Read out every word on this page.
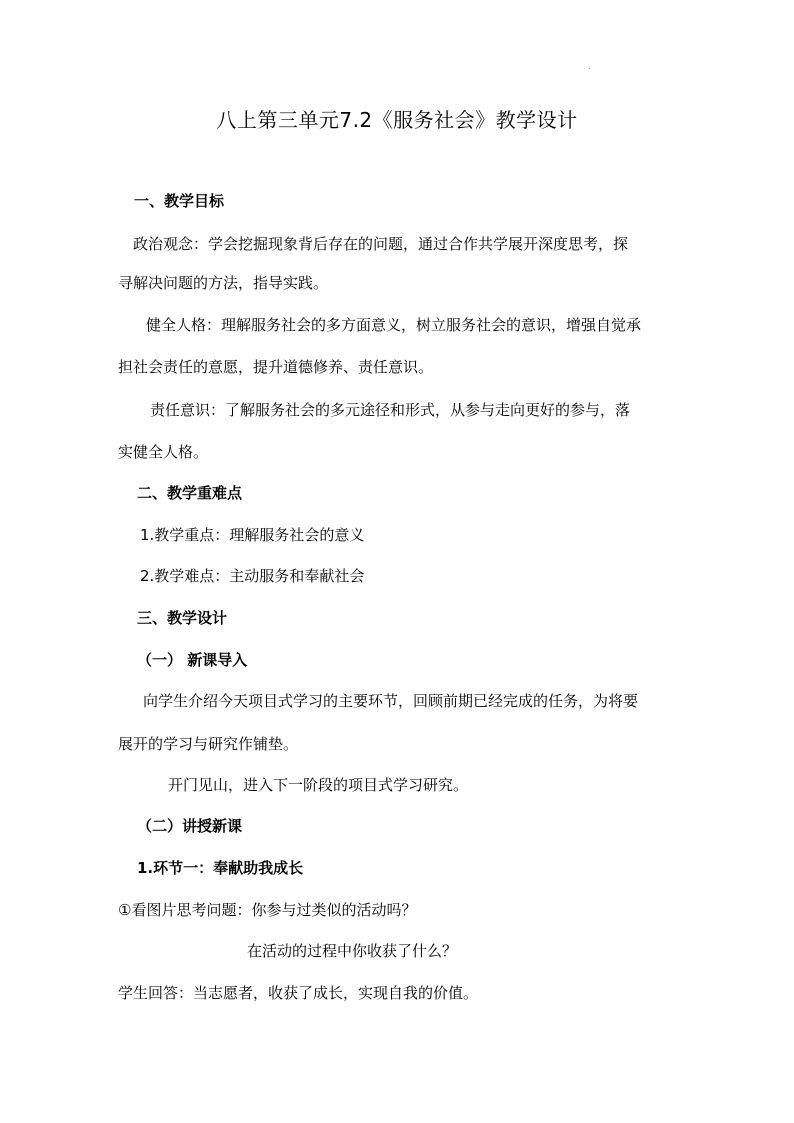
.
八上第三单元7.2《服务社会》教学设计
一、教学目标
政治观念：学会挖掘现象背后存在的问题，通过合作共学展开深度思考，探
寻解决问题的方法，指导实践。
健全人格：理解服务社会的多方面意义，树立服务社会的意识，增强自觉承
担社会责任的意愿，提升道德修养、责任意识。
责任意识：了解服务社会的多元途径和形式，从参与走向更好的参与，落
实健全人格。
二、教学重难点
1.教学重点：理解服务社会的意义
2.教学难点：主动服务和奉献社会
三、教学设计
（一） 新课导入
向学生介绍今天项目式学习的主要环节，回顾前期已经完成的任务，为将要
展开的学习与研究作铺垫。
开门见山，进入下一阶段的项目式学习研究。
（二）讲授新课
1.环节一：奉献助我成长
①看图片思考问题：你参与过类似的活动吗？
在活动的过程中你收获了什么？
学生回答：当志愿者，收获了成长，实现自我的价值。
